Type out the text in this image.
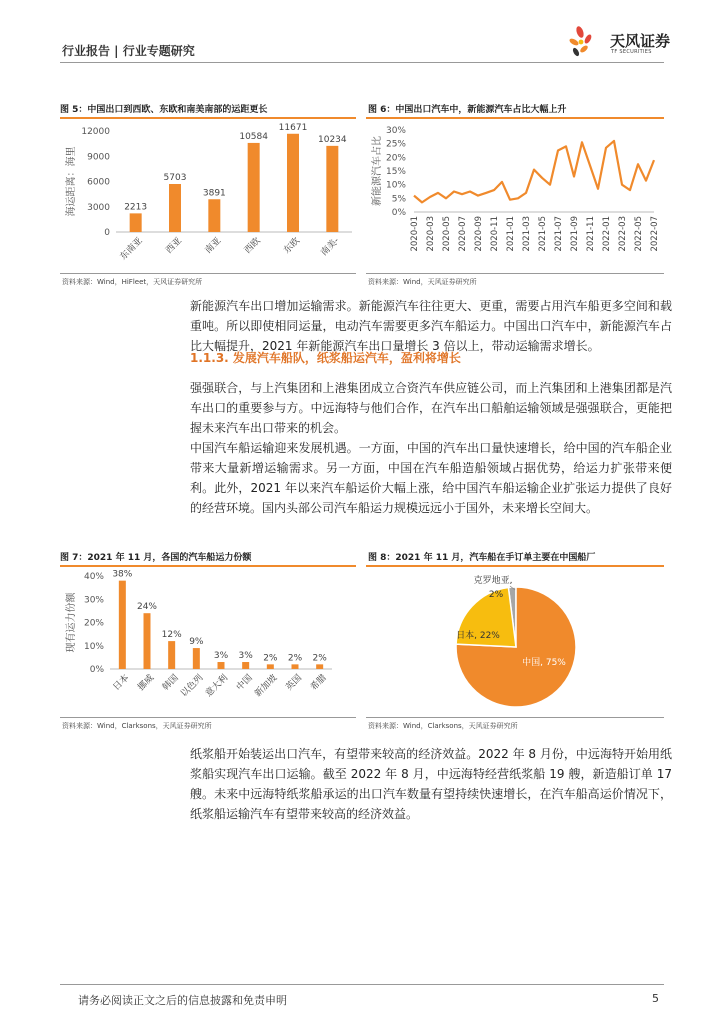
行业报告 | 行业专题研究
天风证券
TF SECURITIES
图 5：中国出口到西欧、东欧和南美南部的运距更长
0
3000
6000
9000
12000
海运距离：海里	2213
东南亚
5703
西亚
3891
南亚
10584
西欧
11671
东欧
10234
南美-
资料来源：Wind，HiFleet，天风证券研究所
图 6：中国出口汽车中，新能源汽车占比大幅上升
0%
5%
10%
15%
20%
25%
30%
新能源汽车占比
2020-01 2020-03 2020-05 2020-07 2020-09 2020-11 2021-01 2021-03 2021-05 2021-07 2021-09 2021-11 2022-01 2022-03 2022-05 2022-07
资料来源：Wind，天风证券研究所
新能源汽车出口增加运输需求。新能源汽车往往更大、更重，需要占用汽车船更多空间和载重吨。所以即使相同运量，电动汽车需要更多汽车船运力。中国出口汽车中，新能源汽车占比大幅提升，2021 年新能源汽车出口量增长 3 倍以上，带动运输需求增长。
1.1.3. 发展汽车船队，纸浆船运汽车，盈利将增长
强强联合，与上汽集团和上港集团成立合资汽车供应链公司，而上汽集团和上港集团都是汽车出口的重要参与方。中远海特与他们合作，在汽车出口船舶运输领域是强强联合，更能把握未来汽车出口带来的机会。
中国汽车船运输迎来发展机遇。一方面，中国的汽车出口量快速增长，给中国的汽车船企业带来大量新增运输需求。另一方面，中国在汽车船造船领域占据优势，给运力扩张带来便利。此外，2021 年以来汽车船运价大幅上涨，给中国汽车船运输企业扩张运力提供了良好的经营环境。国内头部公司汽车船运力规模远远小于国外，未来增长空间大。
图 7：2021 年 11 月，各国的汽车船运力份额
0%
10%
20%
30%
40%
现有运力份额
38%
日本
24%
挪威
12%
韩国
9%
以色列
3%
意大利
3%
中国
2%
新加坡
2%
英国
2%
希腊
资料来源：Wind，Clarksons，天风证券研究所
图 8：2021 年 11 月，汽车船在手订单主要在中国船厂
中国, 75%
日本, 22%
克罗地亚,
2%
资料来源：Wind，Clarksons，天风证券研究所
纸浆船开始装运出口汽车，有望带来较高的经济效益。2022 年 8 月份，中远海特开始用纸浆船实现汽车出口运输。截至 2022 年 8 月，中远海特经营纸浆船 19 艘，新造船订单 17 艘。未来中远海特纸浆船承运的出口汽车数量有望持续快速增长，在汽车船高运价情况下，纸浆船运输汽车有望带来较高的经济效益。
请务必阅读正文之后的信息披露和免责申明	5
